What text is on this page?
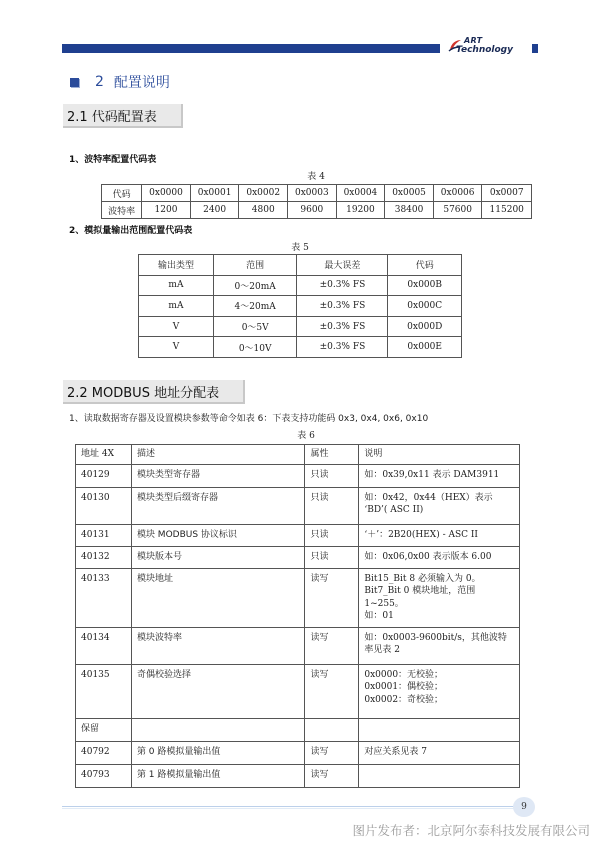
ART
Technology
2 配置说明
2.1 代码配置表
1、波特率配置代码表
表 4
代码	0x0000	0x0001	0x0002	0x0003	0x0004	0x0005	0x0006	0x0007
波特率	1200	2400	4800	9600	19200	38400	57600	115200
2、模拟量输出范围配置代码表
表 5
输出类型	范围	最大误差	代码
mA	0～20mA	±0.3% FS	0x000B
mA	4～20mA	±0.3% FS	0x000C
V	0～5V	±0.3% FS	0x000D
V	0～10V	±0.3% FS	0x000E
2.2 MODBUS 地址分配表
1、读取数据寄存器及设置模块参数等命令如表 6：下表支持功能码 0x3, 0x4, 0x6, 0x10
表 6
地址 4X	描述	属性	说明
40129	模块类型寄存器	只读	如：0x39,0x11 表示 DAM3911

40130	模块类型后缀寄存器	只读	如：0x42，0x44（HEX）表示
‘BD’( ASC II)

40131	模块 MODBUS 协议标识	只读	‘＋’：2B20(HEX) - ASC II

40132	模块版本号	只读	如：0x06,0x00 表示版本 6.00

40133	模块地址	读写	Bit15_Bit 8 必须输入为 0。
Bit7_Bit 0 模块地址，范围 1~255。
如：01

40134	模块波特率	读写	如：0x0003-9600bit/s，其他波特
率见表 2

40135	奇偶校验选择	读写	0x0000：无校验；
0x0001：偶校验；
0x0002：奇校验；

保留			

40792	第 0 路模拟量输出值	读写	对应关系见表 7

40793	第 1 路模拟量输出值	读写	
9
图片发布者：北京阿尔泰科技发展有限公司
